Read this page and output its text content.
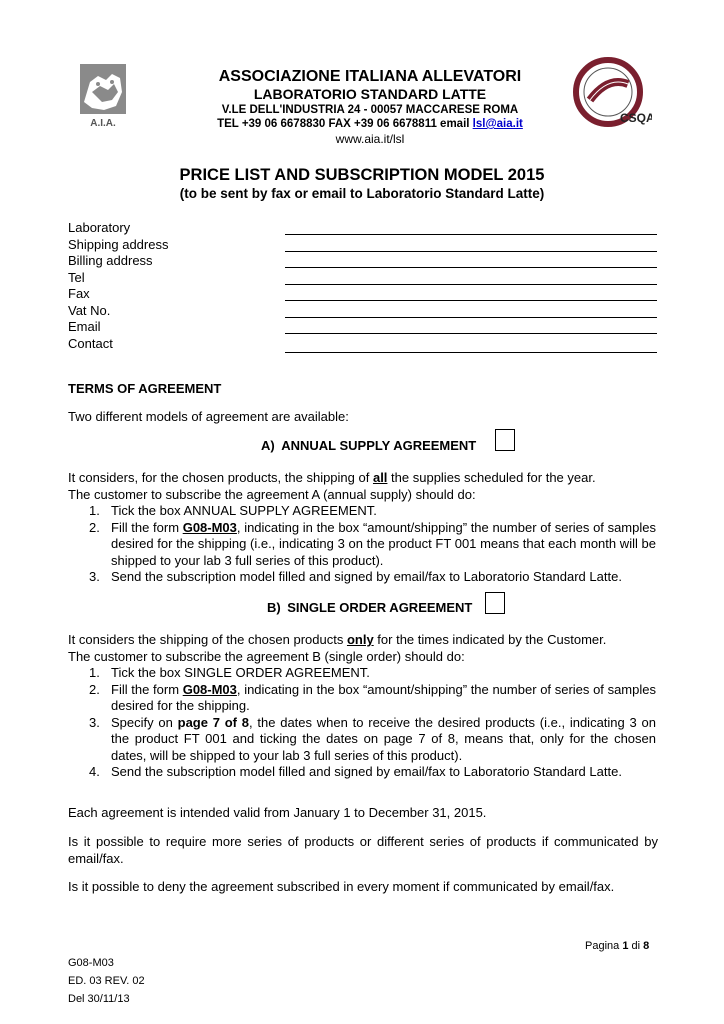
A.I.A.
ASSOCIAZIONE ITALIANA ALLEVATORI
LABORATORIO STANDARD LATTE
V.LE DELL'INDUSTRIA 24 - 00057 MACCARESE ROMA
TEL +39 06 6678830 FAX +39 06 6678811 email lsl@aia.it
www.aia.it/lsl
CSQA
PRICE LIST AND SUBSCRIPTION MODEL 2015
(to be sent by fax or email to Laboratorio Standard Latte)
Laboratory
Shipping address
Billing address
Tel
Fax
Vat No.
Email
Contact
TERMS OF AGREEMENT
Two different models of agreement are available:
A) ANNUAL SUPPLY AGREEMENT
It considers, for the chosen products, the shipping of all the supplies scheduled for the year.
The customer to subscribe the agreement A (annual supply) should do:
1. Tick the box ANNUAL SUPPLY AGREEMENT.
2. Fill the form G08-M03, indicating in the box “amount/shipping” the number of series of samples desired for the shipping (i.e., indicating 3 on the product FT 001 means that each month will be shipped to your lab 3 full series of this product).
3. Send the subscription model filled and signed by email/fax to Laboratorio Standard Latte.
B) SINGLE ORDER AGREEMENT
It considers the shipping of the chosen products only for the times indicated by the Customer.
The customer to subscribe the agreement B (single order) should do:
1. Tick the box SINGLE ORDER AGREEMENT.
2. Fill the form G08-M03, indicating in the box “amount/shipping” the number of series of samples desired for the shipping.
3. Specify on page 7 of 8, the dates when to receive the desired products (i.e., indicating 3 on the product FT 001 and ticking the dates on page 7 of 8, means that, only for the chosen dates, will be shipped to your lab 3 full series of this product).
4. Send the subscription model filled and signed by email/fax to Laboratorio Standard Latte.
Each agreement is intended valid from January 1 to December 31, 2015.
Is it possible to require more series of products or different series of products if communicated by email/fax.
Is it possible to deny the agreement subscribed in every moment if communicated by email/fax.
Pagina 1 di 8
G08-M03
ED. 03 REV. 02
Del 30/11/13
